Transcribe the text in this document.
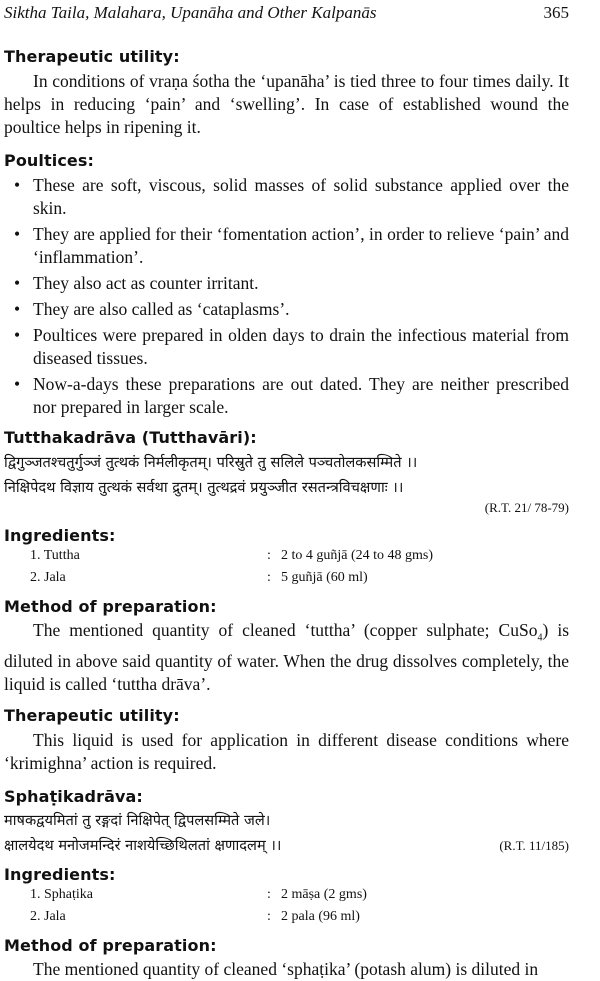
Siktha Taila, Malahara, Upanāha and Other Kalpanās	365
Therapeutic utility:

In conditions of vraṇa śotha the ‘upanāha’ is tied three to four times daily. It helps in reducing ‘pain’ and ‘swelling’. In case of established wound the poultice helps in ripening it.

Poultices:
• These are soft, viscous, solid masses of solid substance applied over the skin.
• They are applied for their ‘fomentation action’, in order to relieve ‘pain’ and ‘inflammation’.
• They also act as counter irritant.
• They are also called as ‘cataplasms’.
• Poultices were prepared in olden days to drain the infectious material from diseased tissues.
• Now-a-days these preparations are out dated. They are neither prescribed nor prepared in larger scale.
Tutthakadrāva (Tutthavāri):
द्विगुञ्जतश्चतुर्गुञ्जं तुत्थकं निर्मलीकृतम्। परिस्रुते तु सलिले पञ्चतोलकसम्मिते ।।
निक्षिपेदथ विज्ञाय तुत्थकं सर्वथा द्रुतम्। तुत्थद्रवं प्रयुञ्जीत रसतन्त्रविचक्षणाः ।।
(R.T. 21/ 78-79)
Ingredients:
1. Tuttha	: 2 to 4 guñjā (24 to 48 gms)
2. Jala	: 5 guñjā (60 ml)
Method of preparation:

The mentioned quantity of cleaned ‘tuttha’ (copper sulphate; CuSo$_4$) is diluted in above said quantity of water. When the drug dissolves completely, the liquid is called ‘tuttha drāva’.

Therapeutic utility:

This liquid is used for application in different disease conditions where ‘krimighna’ action is required.

Sphaṭikadrāva:
माषकद्वयमितां तु रङ्गदां निक्षिपेत् द्विपलसम्मिते जले।
क्षालयेदथ मनोजमन्दिरं नाशयेच्छिथिलतां क्षणादलम् ।।	(R.T. 11/185)
Ingredients:
1. Sphaṭika	: 2 māṣa (2 gms)
2. Jala	: 2 pala (96 ml)
Method of preparation:

The mentioned quantity of cleaned ‘sphaṭika’ (potash alum) is diluted in
